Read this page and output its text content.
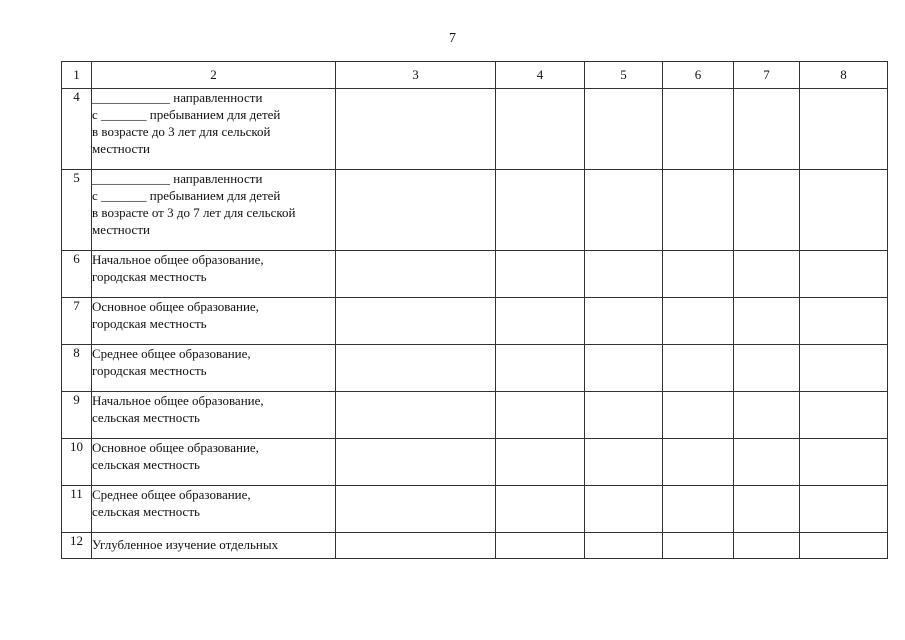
7
1	2	3	4	5	6	7	8
4	____________ направленности
с _______ пребыванием для детей
в возрасте до 3 лет для сельской
местности						
5	____________ направленности
с _______ пребыванием для детей
в возрасте от 3 до 7 лет для сельской
местности						
6	Начальное общее образование,
городская местность						
7	Основное общее образование,
городская местность						
8	Среднее общее образование,
городская местность						
9	Начальное общее образование,
сельская местность						
10	Основное общее образование,
сельская местность						
11	Среднее общее образование,
сельская местность						
12	Углубленное изучение отдельных						
